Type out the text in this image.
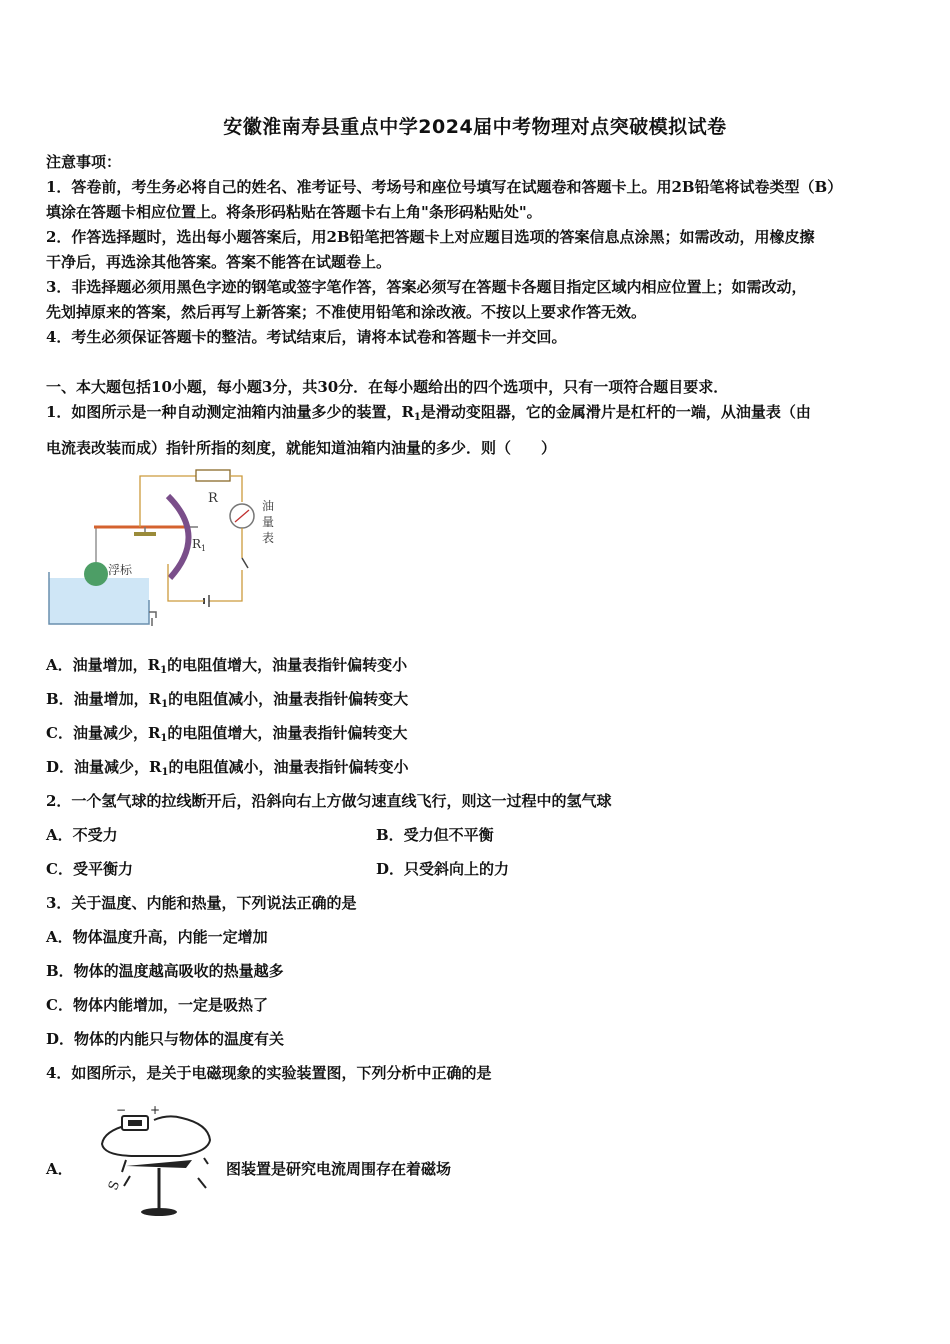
安徽淮南寿县重点中学2024届中考物理对点突破模拟试卷
注意事项：
1．答卷前，考生务必将自己的姓名、准考证号、考场号和座位号填写在试题卷和答题卡上。用2B铅笔将试卷类型（B）
填涂在答题卡相应位置上。将条形码粘贴在答题卡右上角"条形码粘贴处"。
2．作答选择题时，选出每小题答案后，用2B铅笔把答题卡上对应题目选项的答案信息点涂黑；如需改动，用橡皮擦
干净后，再选涂其他答案。答案不能答在试题卷上。
3．非选择题必须用黑色字迹的钢笔或签字笔作答，答案必须写在答题卡各题目指定区域内相应位置上；如需改动，
先划掉原来的答案，然后再写上新答案；不准使用铅笔和涂改液。不按以上要求作答无效。
4．考生必须保证答题卡的整洁。考试结束后，请将本试卷和答题卡一并交回。
一、本大题包括10小题，每小题3分，共30分．在每小题给出的四个选项中，只有一项符合题目要求．
1．如图所示是一种自动测定油箱内油量多少的装置，$R_1$是滑动变阻器，它的金属滑片是杠杆的一端，从油量表（由
电流表改装而成）指针所指的刻度，就能知道油箱内油量的多少．则（　　）
R
$R_1$
浮标
油
量
表
A．油量增加，$R_1$的电阻值增大，油量表指针偏转变小
B．油量增加，$R_1$的电阻值减小，油量表指针偏转变大
C．油量减少，$R_1$的电阻值增大，油量表指针偏转变大
D．油量减少，$R_1$的电阻值减小，油量表指针偏转变小
2．一个氢气球的拉线断开后，沿斜向右上方做匀速直线飞行，则这一过程中的氢气球
A．不受力	B．受力但不平衡
C．受平衡力	D．只受斜向上的力
3．关于温度、内能和热量，下列说法正确的是
A．物体温度升高，内能一定增加
B．物体的温度越高吸收的热量越多
C．物体内能增加，一定是吸热了
D．物体的内能只与物体的温度有关
4．如图所示，是关于电磁现象的实验装置图，下列分析中正确的是
A．
− +
S
图装置是研究电流周围存在着磁场
